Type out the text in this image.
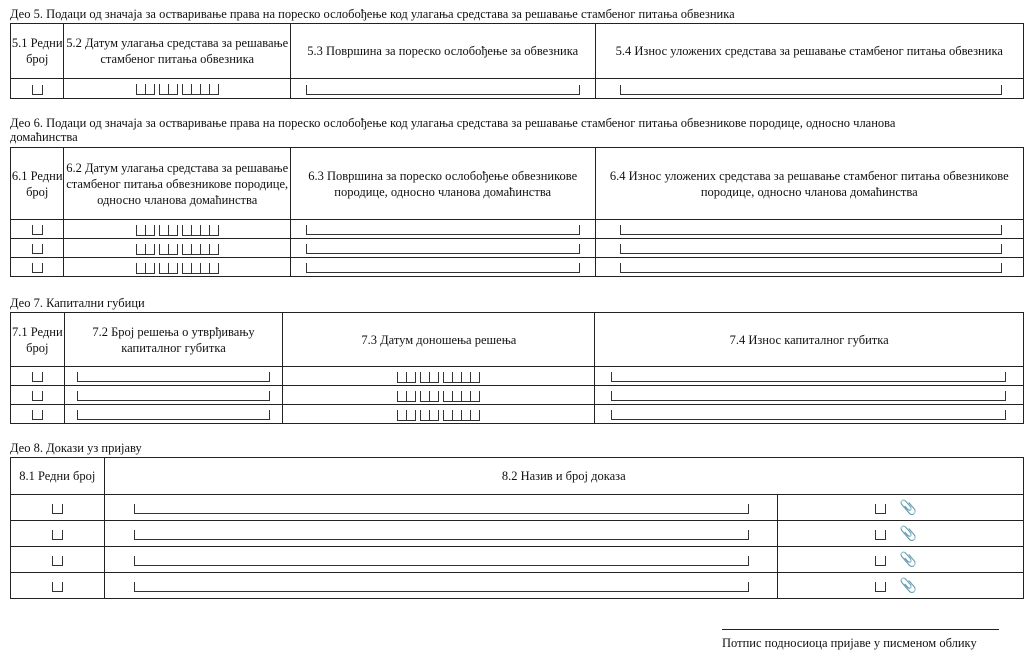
Део 5. Подаци од значаја за остваривање права на пореско ослобођење код улагања средстава за решавање стамбеног питања обвезника
5.1 Редни број	5.2 Датум улагања средстава за решавање стамбеног питања обвезника	5.3 Површина за пореско ослобођење за обвезника	5.4 Износ уложених средстава за решавање стамбеног питања обвезника

Део 6. Подаци од значаја за остваривање права на пореско ослобођење код улагања средстава за решавање стамбеног питања обвезникове породице, односно чланова
домаћинства
6.1 Редни број	6.2 Датум улагања средстава за решавање стамбеног питања обвезникове породице, односно чланова домаћинства	6.3 Површина за пореско ослобођење обвезникове породице, односно чланова домаћинства	6.4 Износ уложених средстава за решавање стамбеног питања обвезникове породице, односно чланова домаћинства

Део 7. Капитални губици
7.1 Редни број	7.2 Број решења о утврђивању капиталног губитка	7.3 Датум доношења решења	7.4 Износ капиталног губитка

Део 8. Докази уз пријаву
8.1 Редни број	8.2 Назив и број доказа	
		📎
		📎
		📎
		📎
Потпис подносиоца пријаве у писменом облику
